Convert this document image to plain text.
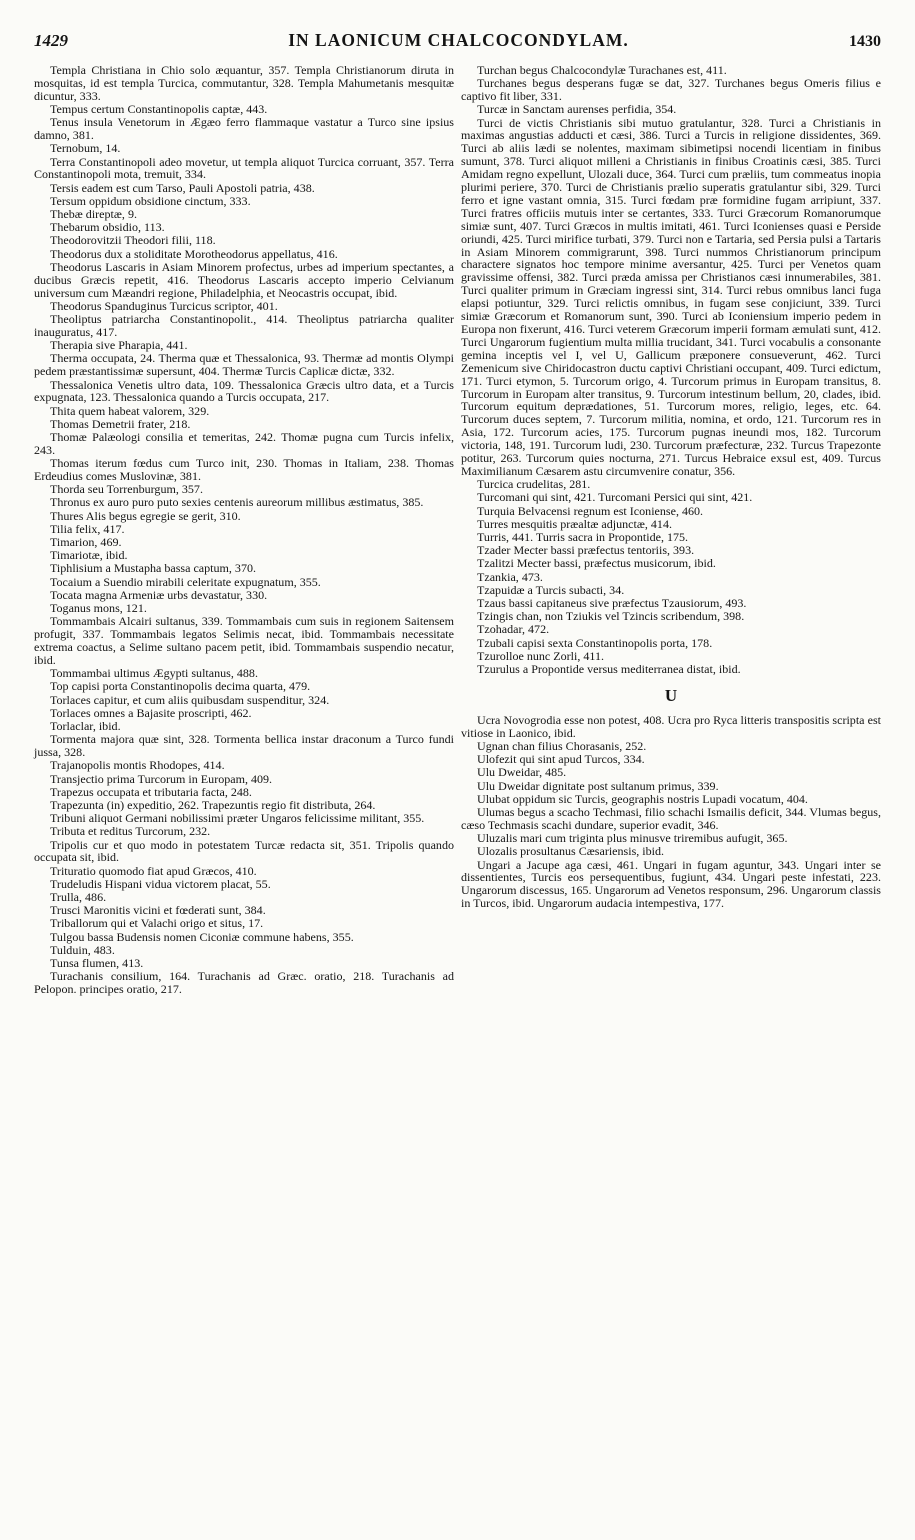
1429	IN LAONICUM CHALCOCONDYLAM.	1430

Templa Christiana in Chio solo æquantur, 357. Templa Christianorum diruta in mosquitas, id est templa Turcica, commutantur, 328. Templa Mahumetanis mesquitæ dicuntur, 333.

Tempus certum Constantinopolis captæ, 443.

Tenus insula Venetorum in Ægæo ferro flammaque vastatur a Turco sine ipsius damno, 381.

Ternobum, 14.

Terra Constantinopoli adeo movetur, ut templa aliquot Turcica corruant, 357. Terra Constantinopoli mota, tremuit, 334.

Tersis eadem est cum Tarso, Pauli Apostoli patria, 438.

Tersum oppidum obsidione cinctum, 333.

Thebæ direptæ, 9.

Thebarum obsidio, 113.

Theodorovitzii Theodori filii, 118.

Theodorus dux a stoliditate Morotheodorus appellatus, 416.

Theodorus Lascaris in Asiam Minorem profectus, urbes ad imperium spectantes, a ducibus Græcis repetit, 416. Theodorus Lascaris accepto imperio Celvianum universum cum Mæandri regione, Philadelphia, et Neocastris occupat, ibid.

Theodorus Spanduginus Turcicus scriptor, 401.

Theoliptus patriarcha Constantinopolit., 414. Theoliptus patriarcha qualiter inauguratus, 417.

Therapia sive Pharapia, 441.

Therma occupata, 24. Therma quæ et Thessalonica, 93. Thermæ ad montis Olympi pedem præstantissimæ supersunt, 404. Thermæ Turcis Caplicæ dictæ, 332.

Thessalonica Venetis ultro data, 109. Thessalonica Græcis ultro data, et a Turcis expugnata, 123. Thessalonica quando a Turcis occupata, 217.

Thita quem habeat valorem, 329.

Thomas Demetrii frater, 218.

Thomæ Palæologi consilia et temeritas, 242. Thomæ pugna cum Turcis infelix, 243.

Thomas iterum fœdus cum Turco init, 230. Thomas in Italiam, 238. Thomas Erdeudius comes Muslovinæ, 381.

Thorda seu Torrenburgum, 357.

Thronus ex auro puro puto sexies centenis aureorum millibus æstimatus, 385.

Thures Alis begus egregie se gerit, 310.

Tilia felix, 417.

Timarion, 469.

Timariotæ, ibid.

Tiphlisium a Mustapha bassa captum, 370.

Tocaium a Suendio mirabili celeritate expugnatum, 355.

Tocata magna Armeniæ urbs devastatur, 330.

Toganus mons, 121.

Tommambais Alcairi sultanus, 339. Tommambais cum suis in regionem Saitensem profugit, 337. Tommambais legatos Selimis necat, ibid. Tommambais necessitate extrema coactus, a Selime sultano pacem petit, ibid. Tommambais suspendio necatur, ibid.

Tommambai ultimus Ægypti sultanus, 488.

Top capisi porta Constantinopolis decima quarta, 479.

Torlaces capitur, et cum aliis quibusdam suspenditur, 324.

Torlaces omnes a Bajasite proscripti, 462.

Torlaclar, ibid.

Tormenta majora quæ sint, 328. Tormenta bellica instar draconum a Turco fundi jussa, 328.

Trajanopolis montis Rhodopes, 414.

Transjectio prima Turcorum in Europam, 409.

Trapezus occupata et tributaria facta, 248.

Trapezunta (in) expeditio, 262. Trapezuntis regio fit distributa, 264.

Tribuni aliquot Germani nobilissimi præter Ungaros felicissime militant, 355.

Tributa et reditus Turcorum, 232.

Tripolis cur et quo modo in potestatem Turcæ redacta sit, 351. Tripolis quando occupata sit, ibid.

Trituratio quomodo fiat apud Græcos, 410.

Trudeludis Hispani vidua victorem placat, 55.

Trulla, 486.

Trusci Maronitis vicini et fœderati sunt, 384.

Triballorum qui et Valachi origo et situs, 17.

Tulgou bassa Budensis nomen Ciconiæ commune habens, 355.

Tulduin, 483.

Tunsa flumen, 413.

Turachanis consilium, 164. Turachanis ad Græc. oratio, 218. Turachanis ad Pelopon. principes oratio, 217.

Turchan begus Chalcocondylæ Turachanes est, 411.

Turchanes begus desperans fugæ se dat, 327. Turchanes begus Omeris filius e captivo fit liber, 331.

Turcæ in Sanctam aurenses perfidia, 354.

Turci de victis Christianis sibi mutuo gratulantur, 328. Turci a Christianis in maximas angustias adducti et cæsi, 386. Turci a Turcis in religione dissidentes, 369. Turci ab aliis lædi se nolentes, maximam sibimetipsi nocendi licentiam in finibus sumunt, 378. Turci aliquot milleni a Christianis in finibus Croatinis cæsi, 385. Turci Amidam regno expellunt, Ulozali duce, 364. Turci cum præliis, tum commeatus inopia plurimi periere, 370. Turci de Christianis prælio superatis gratulantur sibi, 329. Turci ferro et igne vastant omnia, 315. Turci fœdam præ formidine fugam arripiunt, 337. Turci fratres officiis mutuis inter se certantes, 333. Turci Græcorum Romanorumque simiæ sunt, 407. Turci Græcos in multis imitati, 461. Turci Iconienses quasi e Perside oriundi, 425. Turci mirifice turbati, 379. Turci non e Tartaria, sed Persia pulsi a Tartaris in Asiam Minorem commigrarunt, 398. Turci nummos Christianorum principum charactere signatos hoc tempore minime aversantur, 425. Turci per Venetos quam gravissime offensi, 382. Turci præda amissa per Christianos cæsi innumerabiles, 381. Turci qualiter primum in Græciam ingressi sint, 314. Turci rebus omnibus lanci fuga elapsi potiuntur, 329. Turci relictis omnibus, in fugam sese conjiciunt, 339. Turci simiæ Græcorum et Romanorum sunt, 390. Turci ab Iconiensium imperio pedem in Europa non fixerunt, 416. Turci veterem Græcorum imperii formam æmulati sunt, 412. Turci Ungarorum fugientium multa millia trucidant, 341. Turci vocabulis a consonante gemina inceptis vel I, vel U, Gallicum præponere consueverunt, 462. Turci Zemenicum sive Chiridocastron ductu captivi Christiani occupant, 409. Turci edictum, 171. Turci etymon, 5. Turcorum origo, 4. Turcorum primus in Europam transitus, 8. Turcorum in Europam alter transitus, 9. Turcorum intestinum bellum, 20, clades, ibid. Turcorum equitum deprædationes, 51. Turcorum mores, religio, leges, etc. 64. Turcorum duces septem, 7. Turcorum militia, nomina, et ordo, 121. Turcorum res in Asia, 172. Turcorum acies, 175. Turcorum pugnas ineundi mos, 182. Turcorum victoria, 148, 191. Turcorum ludi, 230. Turcorum præfecturæ, 232. Turcus Trapezonte potitur, 263. Turcorum quies nocturna, 271. Turcus Hebraice exsul est, 409. Turcus Maximilianum Cæsarem astu circumvenire conatur, 356.

Turcica crudelitas, 281.

Turcomani qui sint, 421. Turcomani Persici qui sint, 421.

Turquia Belvacensi regnum est Iconiense, 460.

Turres mesquitis præaltæ adjunctæ, 414.

Turris, 441. Turris sacra in Propontide, 175.

Tzader Mecter bassi præfectus tentoriis, 393.

Tzalitzi Mecter bassi, præfectus musicorum, ibid.

Tzankia, 473.

Tzapuidæ a Turcis subacti, 34.

Tzaus bassi capitaneus sive præfectus Tzausiorum, 493.

Tzingis chan, non Tziukis vel Tzincis scribendum, 398.

Tzohadar, 472.

Tzubali capisi sexta Constantinopolis porta, 178.

Tzurolloe nunc Zorli, 411.

Tzurulus a Propontide versus mediterranea distat, ibid.

U

Ucra Novogrodia esse non potest, 408. Ucra pro Ryca litteris transpositis scripta est vitiose in Laonico, ibid.

Ugnan chan filius Chorasanis, 252.

Ulofezit qui sint apud Turcos, 334.

Ulu Dweidar, 485.

Ulu Dweidar dignitate post sultanum primus, 339.

Ulubat oppidum sic Turcis, geographis nostris Lupadi vocatum, 404.

Ulumas begus a scacho Techmasi, filio schachi Ismailis deficit, 344. Vlumas begus, cæso Techmasis scachi dundare, superior evadit, 346.

Uluzalis mari cum triginta plus minusve triremibus aufugit, 365.

Ulozalis prosultanus Cæsariensis, ibid.

Ungari a Jacupe aga cæsi, 461. Ungari in fugam aguntur, 343. Ungari inter se dissentientes, Turcis eos persequentibus, fugiunt, 434. Ungari peste infestati, 223. Ungarorum discessus, 165. Ungarorum ad Venetos responsum, 296. Ungarorum classis in Turcos, ibid. Ungarorum audacia intempestiva, 177.
